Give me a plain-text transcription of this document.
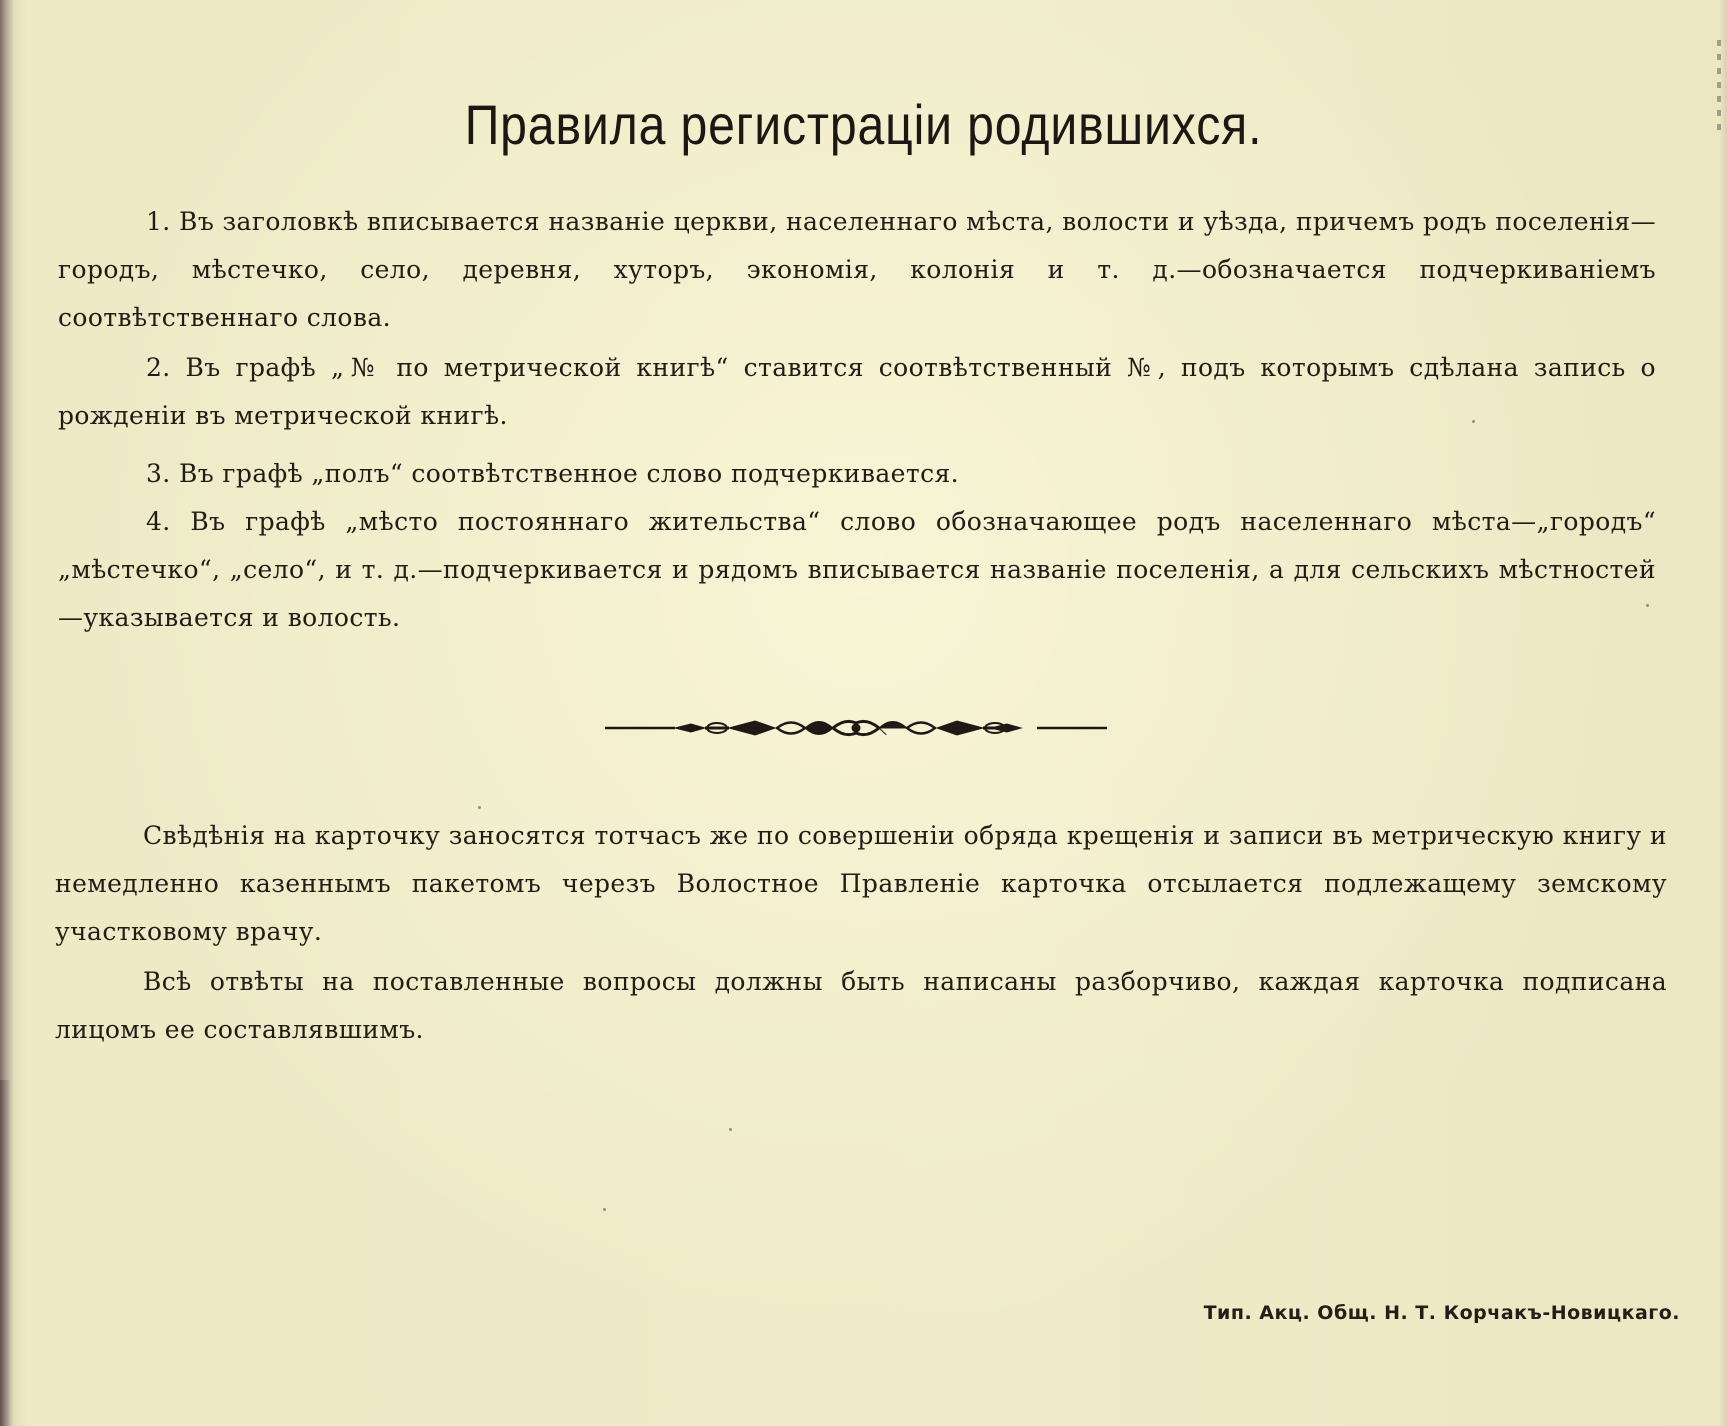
Правила регистраціи родившихся.
1. Въ заголовкѣ вписывается названіе церкви, населеннаго мѣста, волости и уѣзда, причемъ родъ поселенія—городъ, мѣстечко, село, деревня, хуторъ, экономія, колонія и т. д.—обозначается подчеркиваніемъ соотвѣтственнаго слова.
2. Въ графѣ „№ по метрической книгѣ“ ставится соотвѣтственный №, подъ которымъ сдѣлана запись о рожденіи въ метрической книгѣ.
3. Въ графѣ „полъ“ соотвѣтственное слово подчеркивается.
4. Въ графѣ „мѣсто постояннаго жительства“ слово обозначающее родъ населеннаго мѣста—„городъ“ „мѣстечко“, „село“, и т. д.—подчеркивается и рядомъ вписывается названіе поселенія, а для сельскихъ мѣстностей—указывается и волость.
Свѣдѣнія на карточку заносятся тотчасъ же по совершеніи обряда крещенія и записи въ метрическую книгу и немедленно казеннымъ пакетомъ черезъ Волостное Правленіе карточка отсылается подлежащему земскому участковому врачу.
Всѣ отвѣты на поставленные вопросы должны быть написаны разборчиво, каждая карточка подписана лицомъ ее составлявшимъ.
Тип. Акц. Общ. Н. Т. Корчакъ-Новицкаго.
